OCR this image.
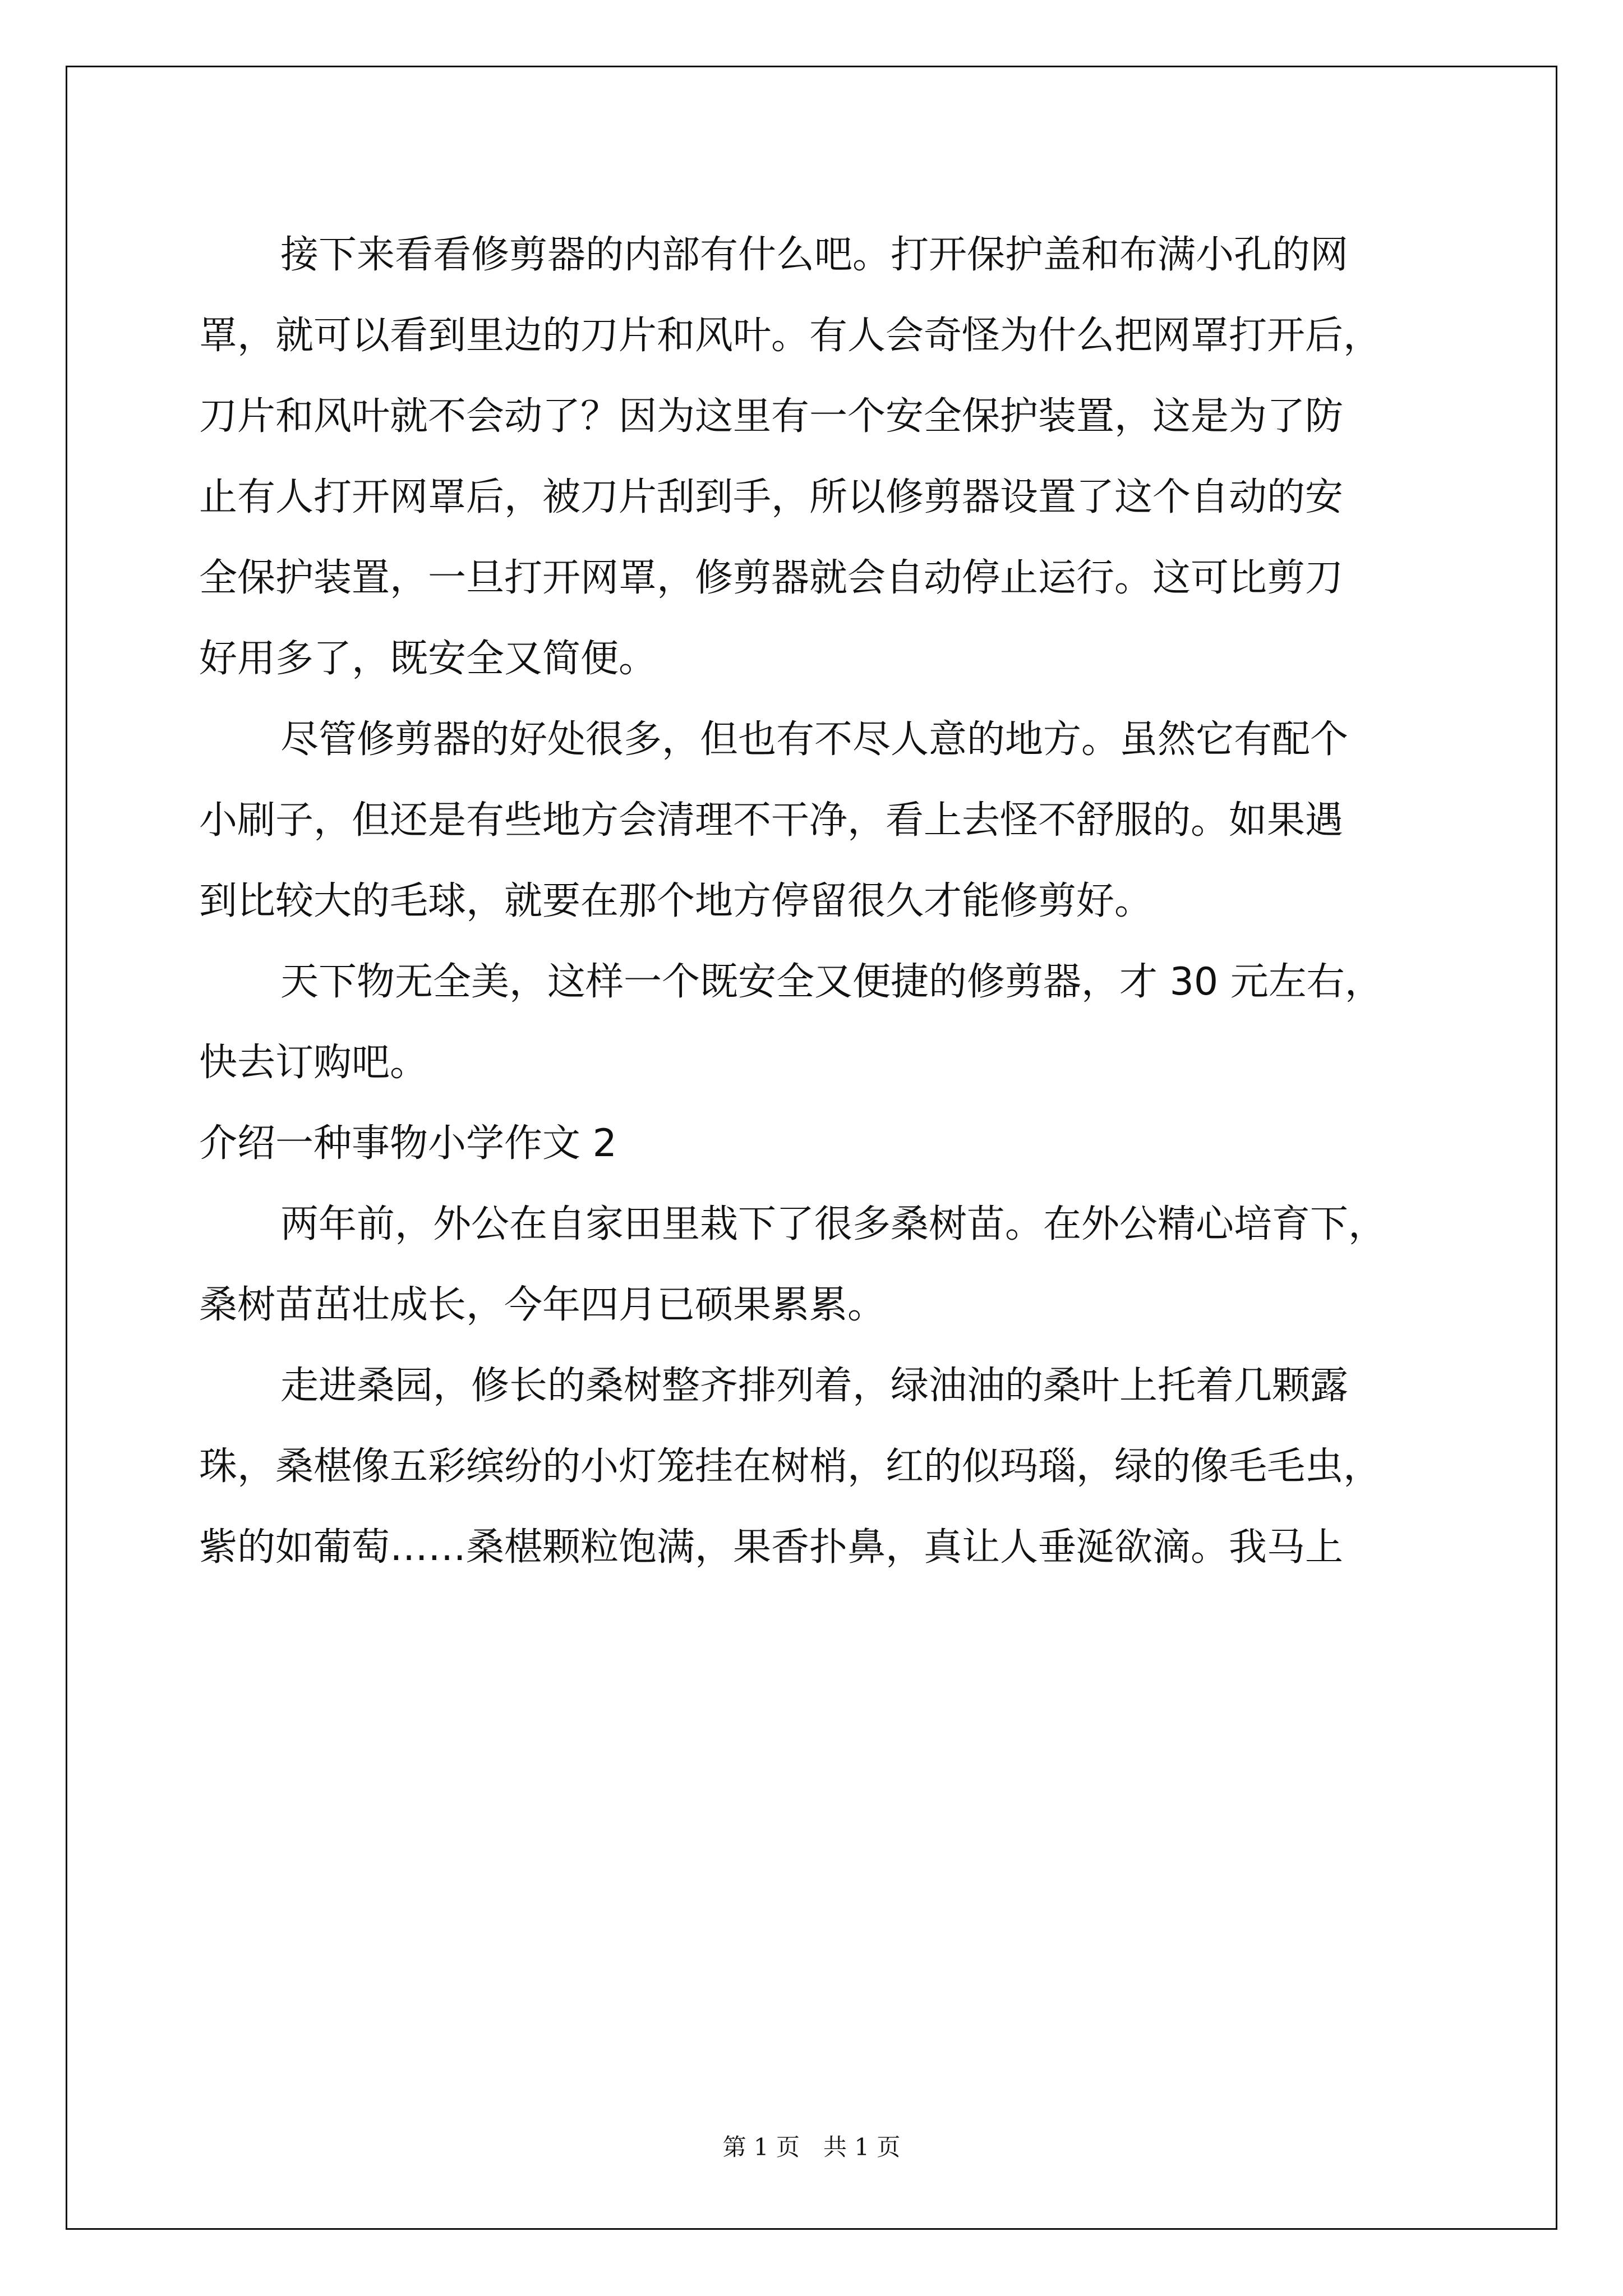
接下来看看修剪器的内部有什么吧。打开保护盖和布满小孔的网
罩，就可以看到里边的刀片和风叶。有人会奇怪为什么把网罩打开后，
刀片和风叶就不会动了？因为这里有一个安全保护装置，这是为了防
止有人打开网罩后，被刀片刮到手，所以修剪器设置了这个自动的安
全保护装置，一旦打开网罩，修剪器就会自动停止运行。这可比剪刀
好用多了，既安全又简便。

尽管修剪器的好处很多，但也有不尽人意的地方。虽然它有配个
小刷子，但还是有些地方会清理不干净，看上去怪不舒服的。如果遇
到比较大的毛球，就要在那个地方停留很久才能修剪好。

天下物无全美，这样一个既安全又便捷的修剪器，才 30 元左右，
快去订购吧。

介绍一种事物小学作文 2

两年前，外公在自家田里栽下了很多桑树苗。在外公精心培育下，
桑树苗茁壮成长，今年四月已硕果累累。

走进桑园，修长的桑树整齐排列着，绿油油的桑叶上托着几颗露
珠，桑椹像五彩缤纷的小灯笼挂在树梢，红的似玛瑙，绿的像毛毛虫，
紫的如葡萄……桑椹颗粒饱满，果香扑鼻，真让人垂涎欲滴。我马上

第 1 页　共 1 页
